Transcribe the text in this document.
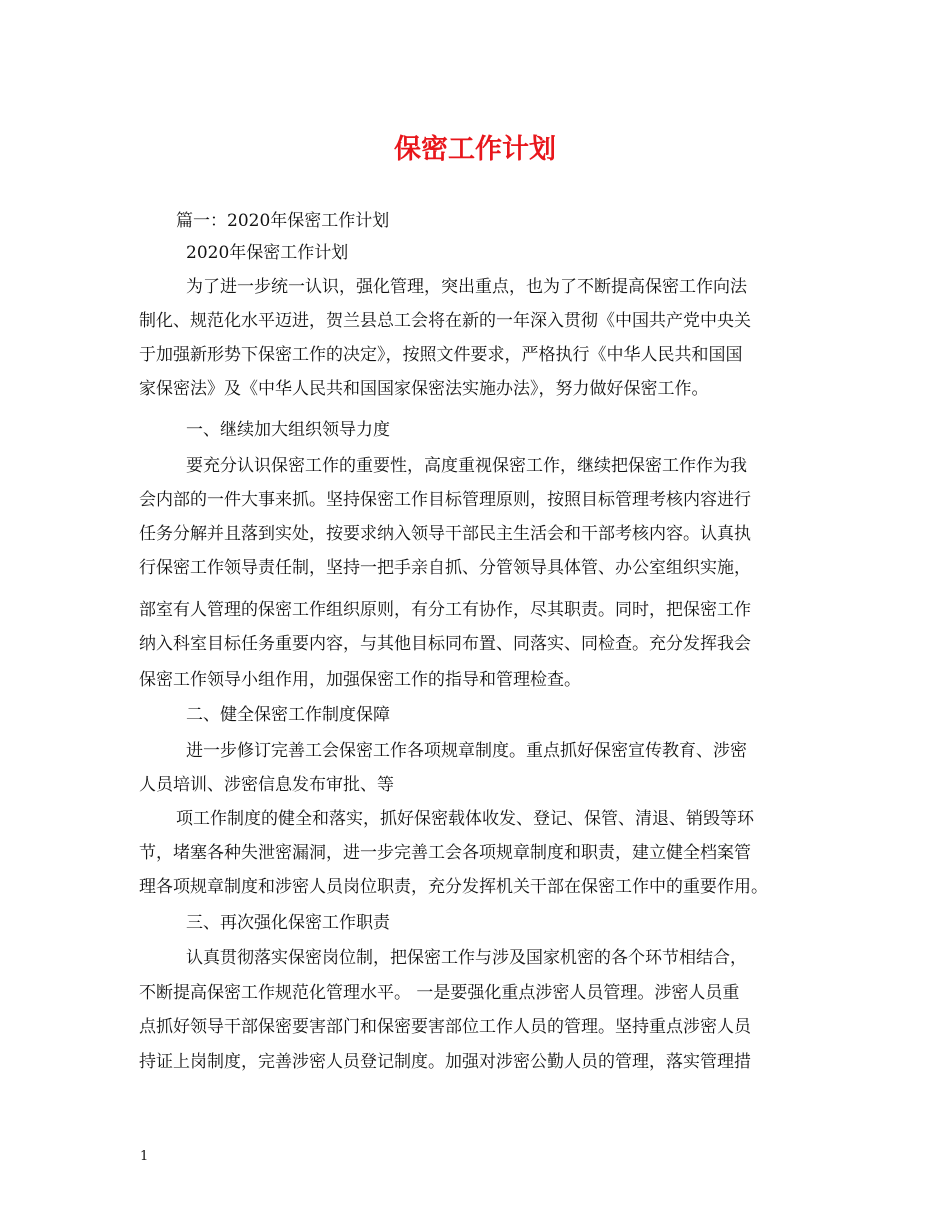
保密工作计划
篇一：2020年保密工作计划
2020年保密工作计划
为了进一步统一认识，强化管理，突出重点，也为了不断提高保密工作向法
制化、规范化水平迈进，贺兰县总工会将在新的一年深入贯彻《中国共产党中央关
于加强新形势下保密工作的决定》，按照文件要求，严格执行《中华人民共和国国
家保密法》及《中华人民共和国国家保密法实施办法》，努力做好保密工作。
一、继续加大组织领导力度
要充分认识保密工作的重要性，高度重视保密工作，继续把保密工作作为我
会内部的一件大事来抓。坚持保密工作目标管理原则，按照目标管理考核内容进行
任务分解并且落到实处，按要求纳入领导干部民主生活会和干部考核内容。认真执
行保密工作领导责任制，坚持一把手亲自抓、分管领导具体管、办公室组织实施，
部室有人管理的保密工作组织原则，有分工有协作，尽其职责。同时，把保密工作
纳入科室目标任务重要内容，与其他目标同布置、同落实、同检查。充分发挥我会
保密工作领导小组作用，加强保密工作的指导和管理检查。
二、健全保密工作制度保障
进一步修订完善工会保密工作各项规章制度。重点抓好保密宣传教育、涉密
人员培训、涉密信息发布审批、等
项工作制度的健全和落实，抓好保密载体收发、登记、保管、清退、销毁等环
节，堵塞各种失泄密漏洞，进一步完善工会各项规章制度和职责，建立健全档案管
理各项规章制度和涉密人员岗位职责，充分发挥机关干部在保密工作中的重要作用。
三、再次强化保密工作职责
认真贯彻落实保密岗位制，把保密工作与涉及国家机密的各个环节相结合，
不断提高保密工作规范化管理水平。 一是要强化重点涉密人员管理。涉密人员重
点抓好领导干部保密要害部门和保密要害部位工作人员的管理。坚持重点涉密人员
持证上岗制度，完善涉密人员登记制度。加强对涉密公勤人员的管理，落实管理措
1
